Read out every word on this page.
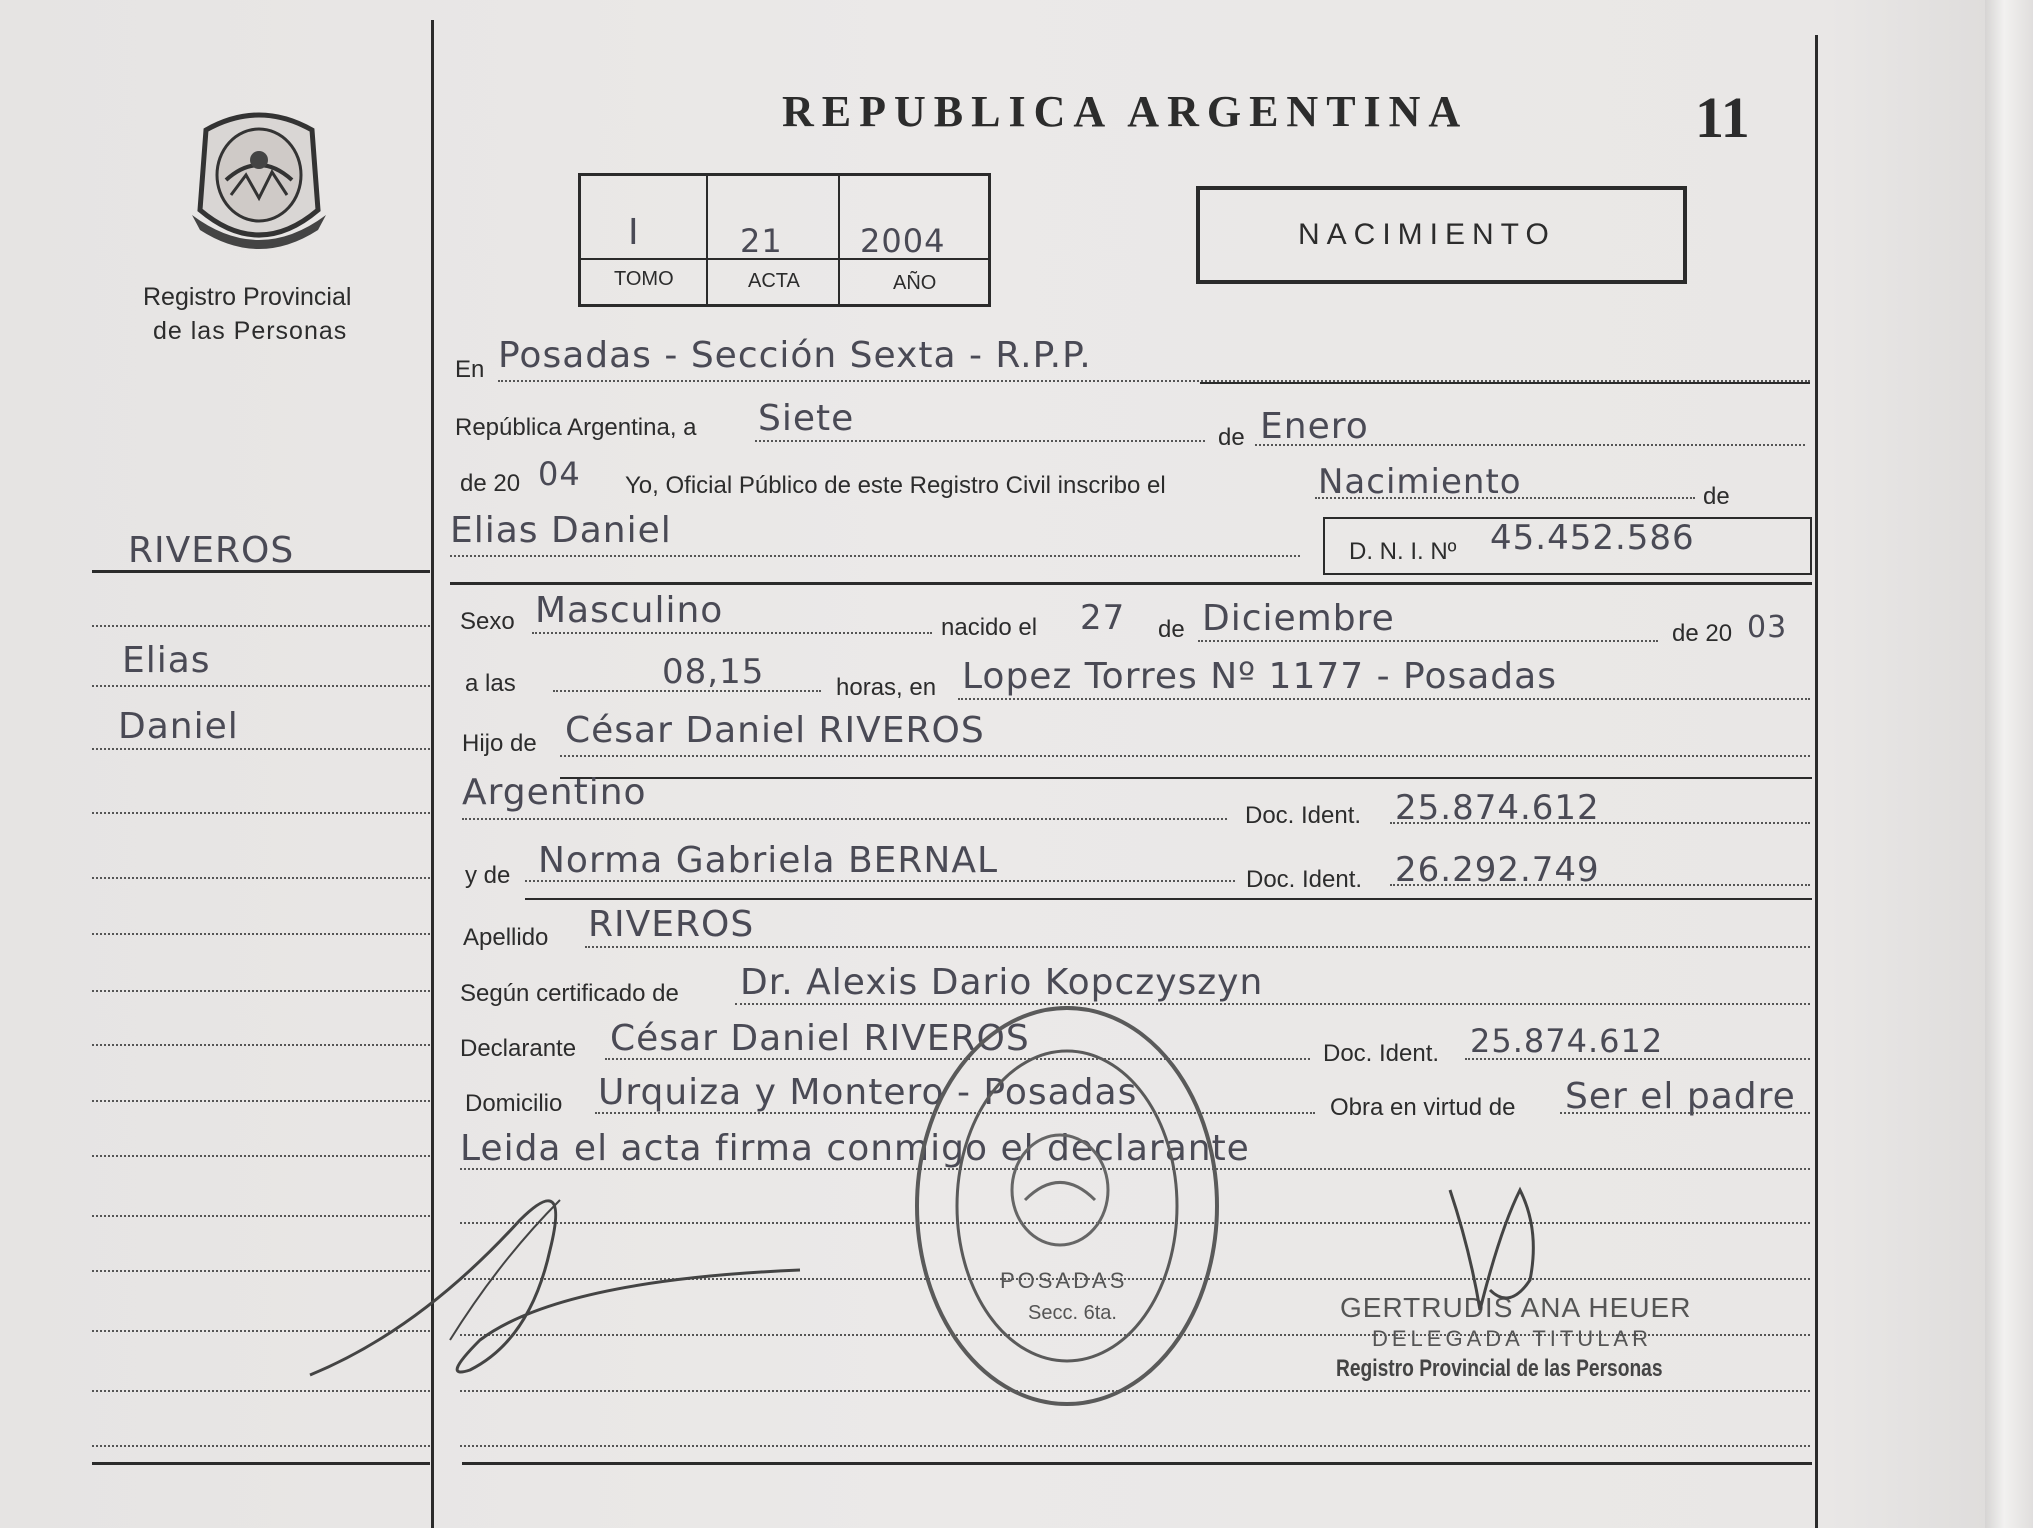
Registro Provincial
de las Personas
REPUBLICA ARGENTINA	11
I	21 2004
TOMO	ACTA	AÑO
NACIMIENTO
RIVEROS
Elias
Daniel
En Posadas - Sección Sexta - R.P.P.
República Argentina, a Siete	de Enero
de 20 04 Yo, Oficial Público de este Registro Civil inscribo el	Nacimiento	de
Elias Daniel
D. N. I. Nº 45.452.586
Sexo Masculino	nacido el 27 de Diciembre	de 20 03
a las	08,15	horas, en Lopez Torres Nº 1177 - Posadas
Hijo de César Daniel RIVEROS
Argentino
Doc. Ident. 25.874.612
y de Norma Gabriela BERNAL	Doc. Ident. 26.292.749
Apellido RIVEROS
Según certificado de Dr. Alexis Dario Kopczyszyn
Declarante César Daniel RIVEROS	Doc. Ident. 25.874.612
Domicilio Urquiza y Montero - Posadas	Obra en virtud de Ser el padre
Leida el acta firma conmigo el declarante
GERTRUDIS ANA HEUER
DELEGADA TITULAR
Registro Provincial de las Personas
POSADAS
Secc. 6ta.
